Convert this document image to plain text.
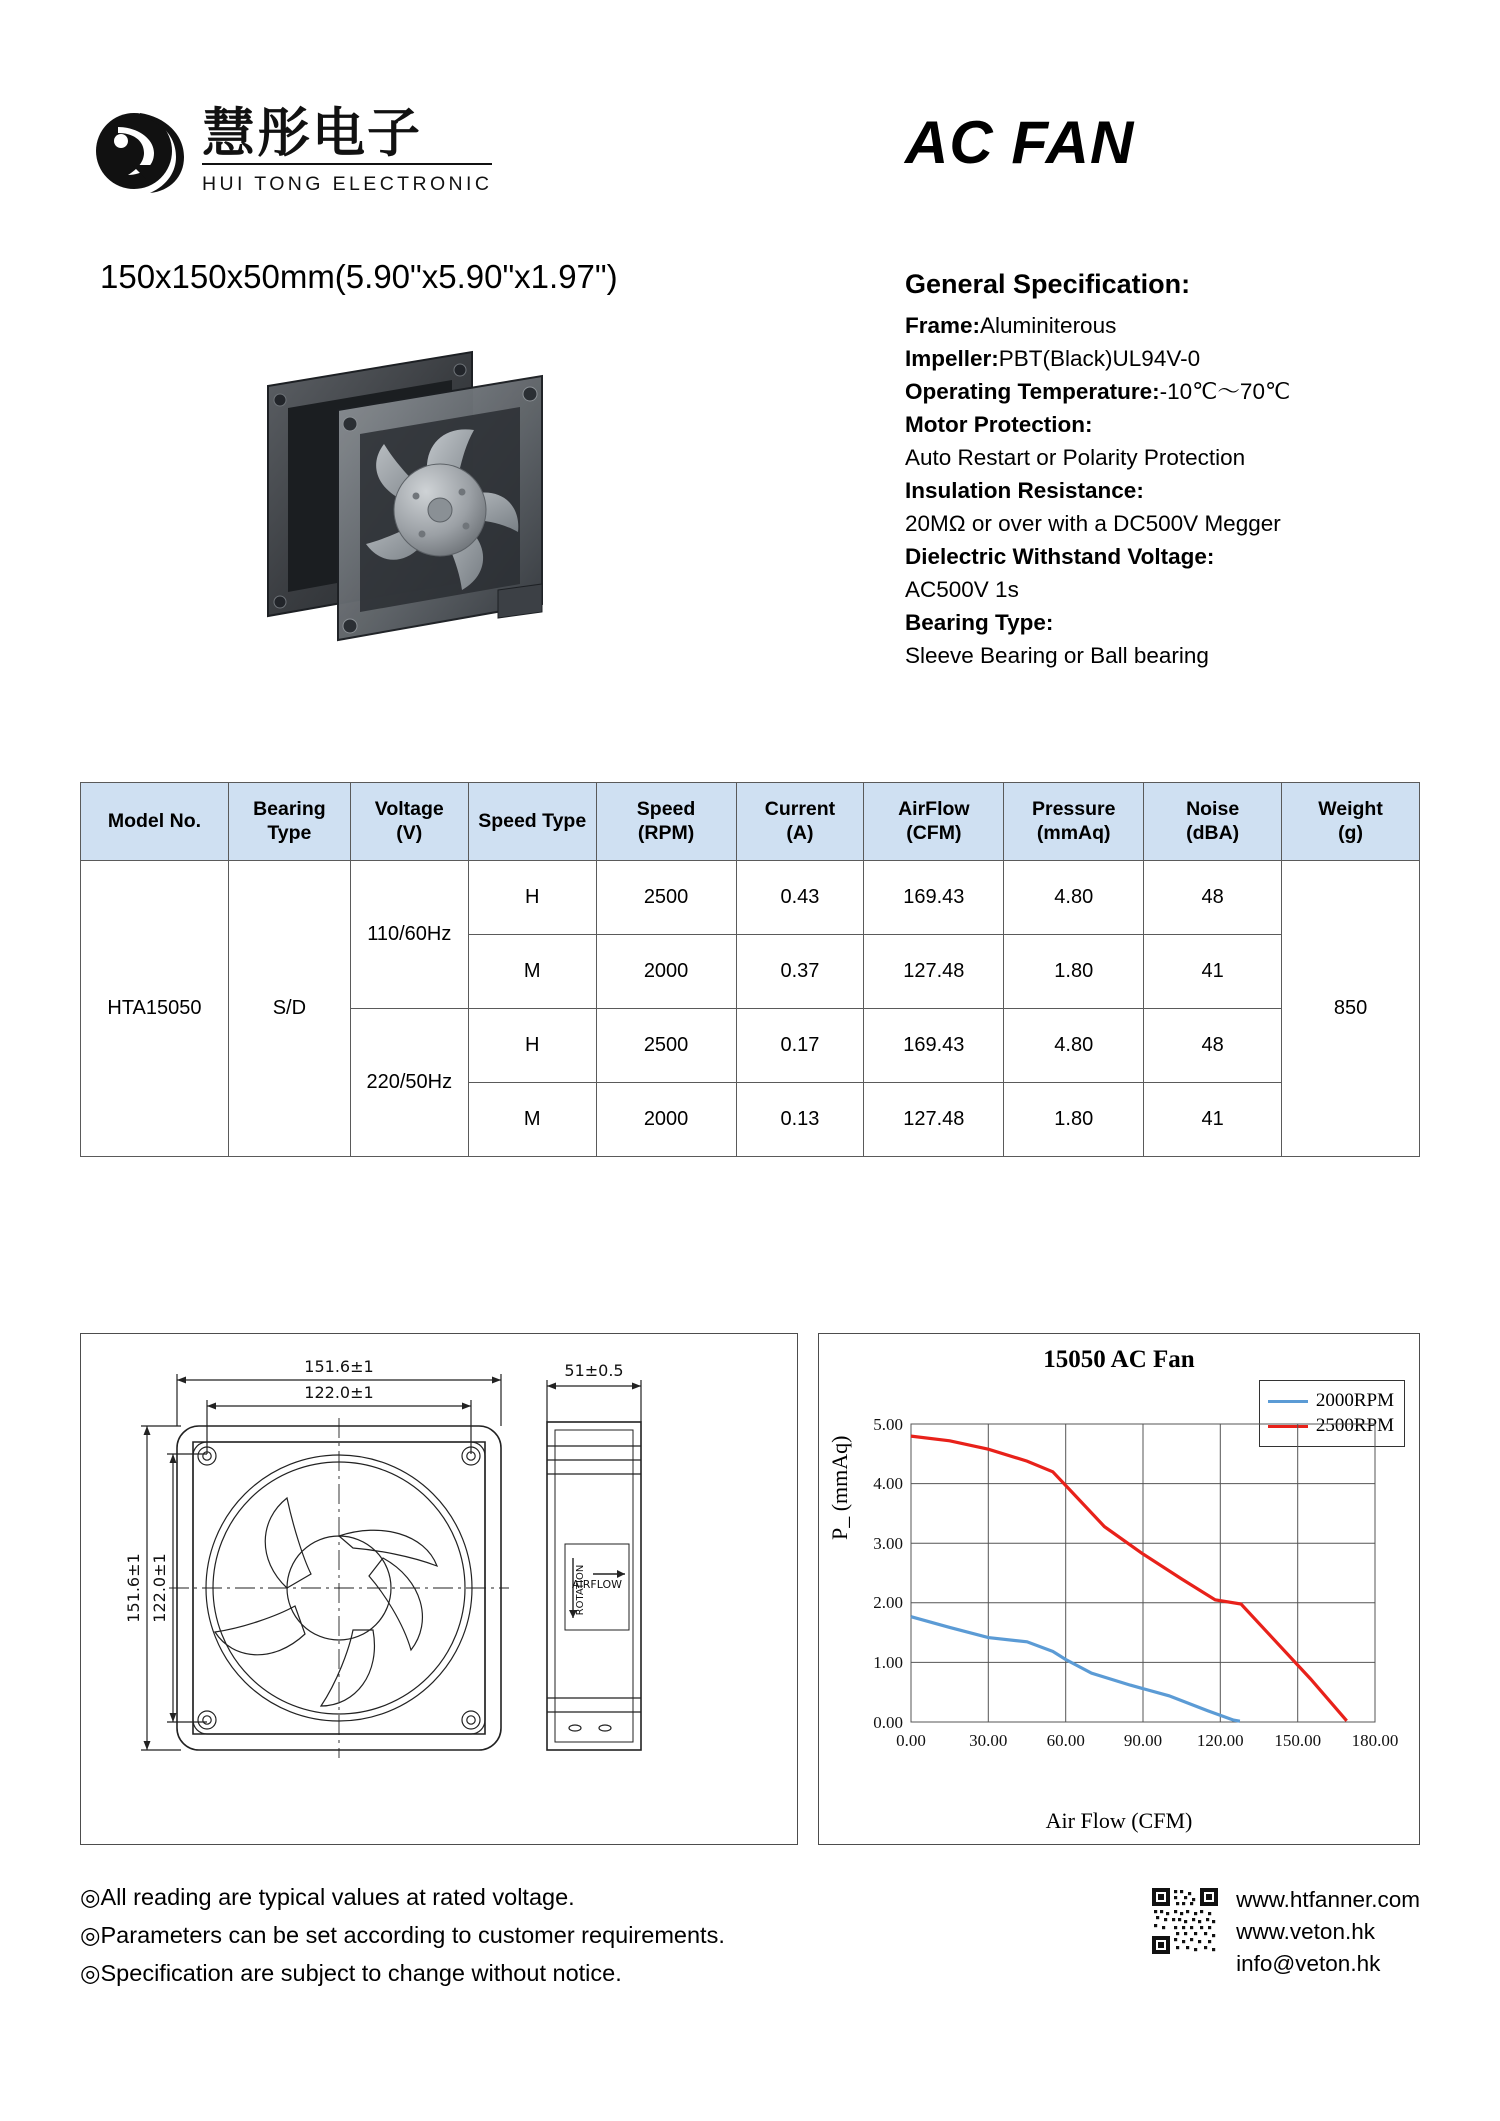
慧彤电子
HUI TONG ELECTRONIC
AC FAN
150x150x50mm(5.90"x5.90"x1.97")	General Specification:
Frame:Aluminiterous
Impeller:PBT(Black)UL94V-0
Operating Temperature:-10℃～70℃
Motor Protection:
Auto Restart or Polarity Protection
Insulation Resistance:
20MΩ or over with a DC500V Megger
Dielectric Withstand Voltage:
AC500V 1s
Bearing Type:
Sleeve Bearing or Ball bearing
Model No.

Bearing
Type

Voltage
(V)

Speed Type

Speed
(RPM)

Current
(A)

AirFlow
(CFM)

Pressure
(mmAq)

Noise
(dBA)

Weight
(g)

HTA15050	S/D	110/60Hz	H	2500	0.43	169.43	4.80	48	850
			M	2000	0.37	127.48	1.80	41	
		220/50Hz	H	2500	0.17	169.43	4.80	48	
			M	2000	0.13	127.48	1.80	41	
151.6±1
122.0±1
51±0.5
151.6±1 122.0±1	AIRFLOW
ROTATION
15050 AC Fan
2000RPM
2500RPM
5.00
4.00
3.00
2.00
1.00
0.00
0.00	30.00 60.00 90.00 120.00 150.00 180.00
P_ (mmAq)
Air Flow (CFM)
◎All reading are typical values at rated voltage.
◎Parameters can be set according to customer requirements.
◎Specification are subject to change without notice.
www.htfanner.com
www.veton.hk
info@veton.hk
